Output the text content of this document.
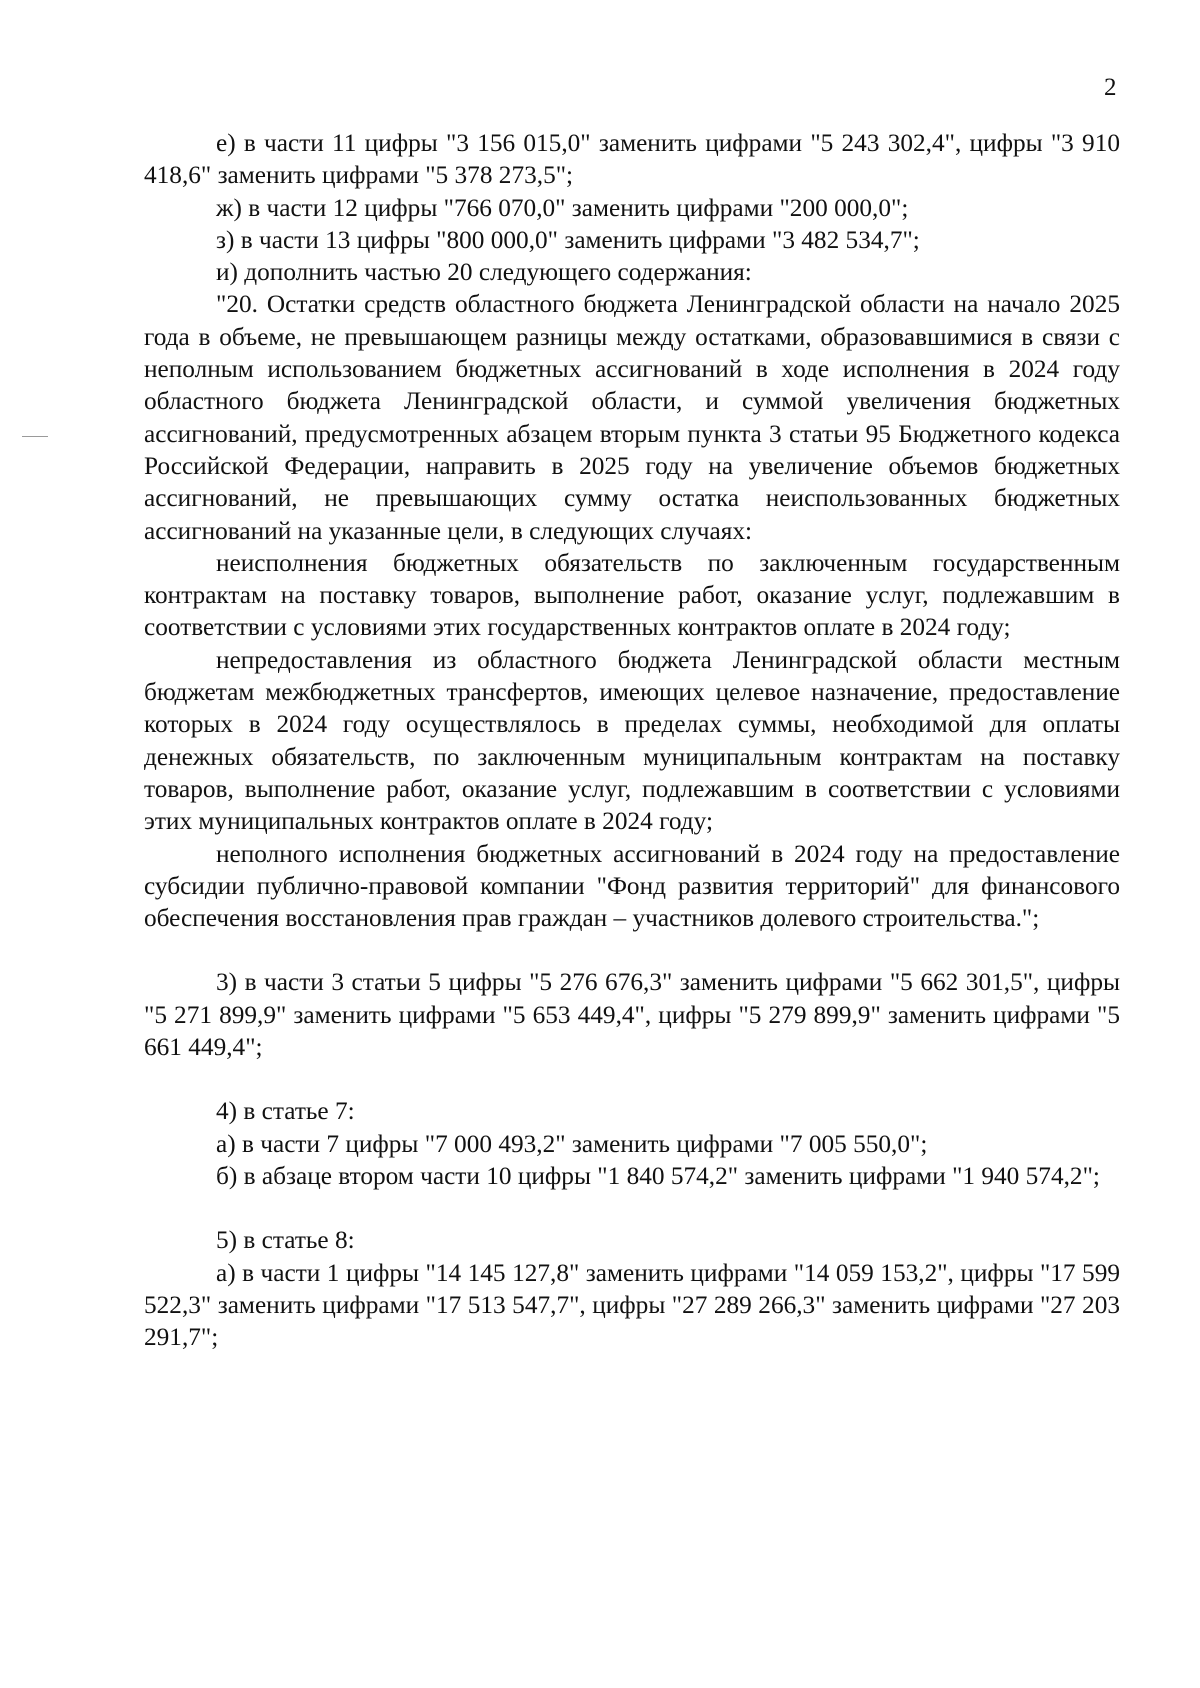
2

е) в части 11 цифры "3 156 015,0" заменить цифрами "5 243 302,4", цифры "3 910 418,6" заменить цифрами "5 378 273,5";

ж) в части 12 цифры "766 070,0" заменить цифрами "200 000,0";

з) в части 13 цифры "800 000,0" заменить цифрами "3 482 534,7";

и) дополнить частью 20 следующего содержания:

"20. Остатки средств областного бюджета Ленинградской области на начало 2025 года в объеме, не превышающем разницы между остатками, образовавшимися в связи с неполным использованием бюджетных ассигнований в ходе исполнения в 2024 году областного бюджета Ленинградской области, и суммой увеличения бюджетных ассигнований, предусмотренных абзацем вторым пункта 3 статьи 95 Бюджетного кодекса Российской Федерации, направить в 2025 году на увеличение объемов бюджетных ассигнований, не превышающих сумму остатка неиспользованных бюджетных ассигнований на указанные цели, в следующих случаях:

неисполнения бюджетных обязательств по заключенным государственным контрактам на поставку товаров, выполнение работ, оказание услуг, подлежавшим в соответствии с условиями этих государственных контрактов оплате в 2024 году;

непредоставления из областного бюджета Ленинградской области местным бюджетам межбюджетных трансфертов, имеющих целевое назначение, предоставление которых в 2024 году осуществлялось в пределах суммы, необходимой для оплаты денежных обязательств, по заключенным муниципальным контрактам на поставку товаров, выполнение работ, оказание услуг, подлежавшим в соответствии с условиями этих муниципальных контрактов оплате в 2024 году;

неполного исполнения бюджетных ассигнований в 2024 году на предоставление субсидии публично-правовой компании "Фонд развития территорий" для финансового обеспечения восстановления прав граждан – участников долевого строительства.";

3) в части 3 статьи 5 цифры "5 276 676,3" заменить цифрами "5 662 301,5", цифры "5 271 899,9" заменить цифрами "5 653 449,4", цифры "5 279 899,9" заменить цифрами "5 661 449,4";

4) в статье 7:

а) в части 7 цифры "7 000 493,2" заменить цифрами "7 005 550,0";

б) в абзаце втором части 10 цифры "1 840 574,2" заменить цифрами "1 940 574,2";

5) в статье 8:

а) в части 1 цифры "14 145 127,8" заменить цифрами "14 059 153,2", цифры "17 599 522,3" заменить цифрами "17 513 547,7", цифры "27 289 266,3" заменить цифрами "27 203 291,7";
